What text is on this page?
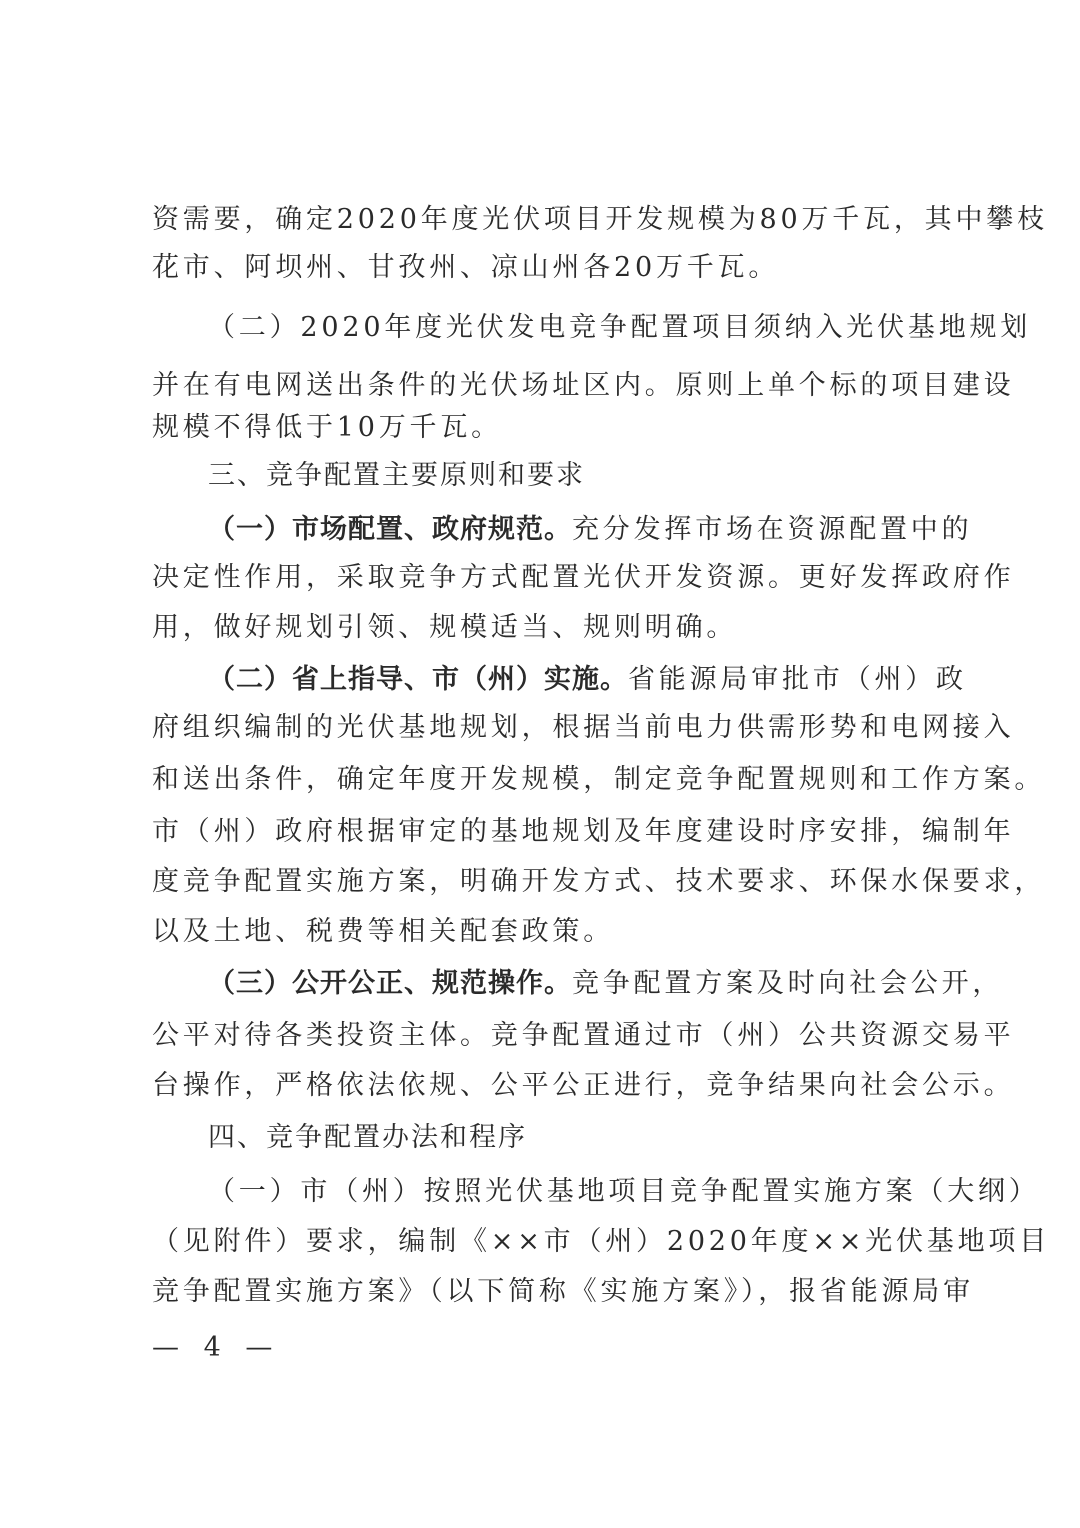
资需要，确定2020年度光伏项目开发规模为80万千瓦，其中攀枝
花市、阿坝州、甘孜州、凉山州各20万千瓦。
（二）2020年度光伏发电竞争配置项目须纳入光伏基地规划
并在有电网送出条件的光伏场址区内。原则上单个标的项目建设
规模不得低于10万千瓦。
三、竞争配置主要原则和要求
（一）市场配置、政府规范。充分发挥市场在资源配置中的
决定性作用，采取竞争方式配置光伏开发资源。更好发挥政府作
用，做好规划引领、规模适当、规则明确。
（二）省上指导、市（州）实施。省能源局审批市（州）政
府组织编制的光伏基地规划，根据当前电力供需形势和电网接入
和送出条件，确定年度开发规模，制定竞争配置规则和工作方案。
市（州）政府根据审定的基地规划及年度建设时序安排，编制年
度竞争配置实施方案，明确开发方式、技术要求、环保水保要求，
以及土地、税费等相关配套政策。
（三）公开公正、规范操作。竞争配置方案及时向社会公开，
公平对待各类投资主体。竞争配置通过市（州）公共资源交易平
台操作，严格依法依规、公平公正进行，竞争结果向社会公示。
四、竞争配置办法和程序
（一）市（州）按照光伏基地项目竞争配置实施方案（大纲）
（见附件）要求，编制《××市（州）2020年度××光伏基地项目
竞争配置实施方案》（以下简称《实施方案》），报省能源局审
— 4 —
